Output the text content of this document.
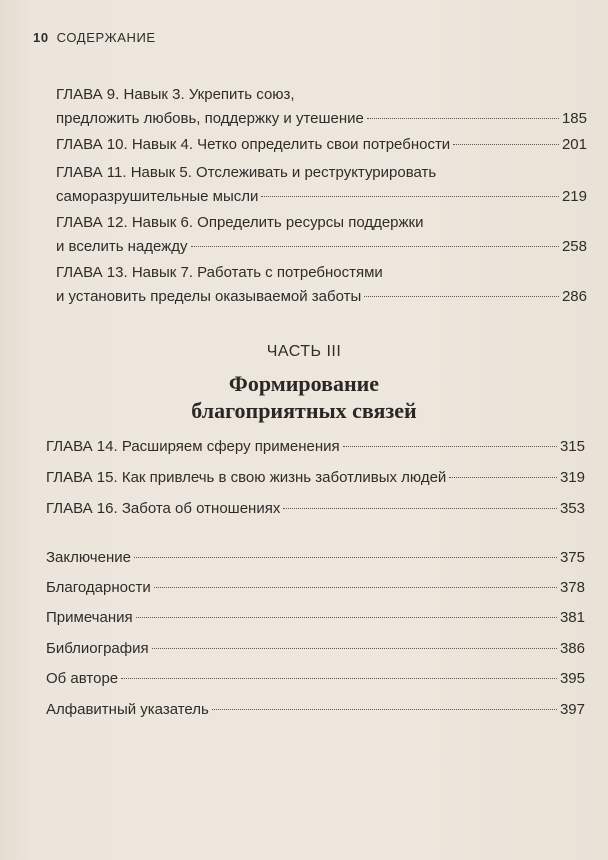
10 СОДЕРЖАНИЕ
ГЛАВА 9. Навык 3. Укрепить союз,
предложить любовь, поддержку и утешение	185
ГЛАВА 10. Навык 4. Четко определить свои потребности	201
ГЛАВА 11. Навык 5. Отслеживать и реструктурировать
саморазрушительные мысли	219
ГЛАВА 12. Навык 6. Определить ресурсы поддержки
и вселить надежду	258
ГЛАВА 13. Навык 7. Работать с потребностями
и установить пределы оказываемой заботы	286
ЧАСТЬ III
Формирование
благоприятных связей
ГЛАВА 14. Расширяем сферу применения	315
ГЛАВА 15. Как привлечь в свою жизнь заботливых людей	319
ГЛАВА 16. Забота об отношениях	353
Заключение	375
Благодарности	378
Примечания	381
Библиография	386
Об авторе	395
Алфавитный указатель	397
